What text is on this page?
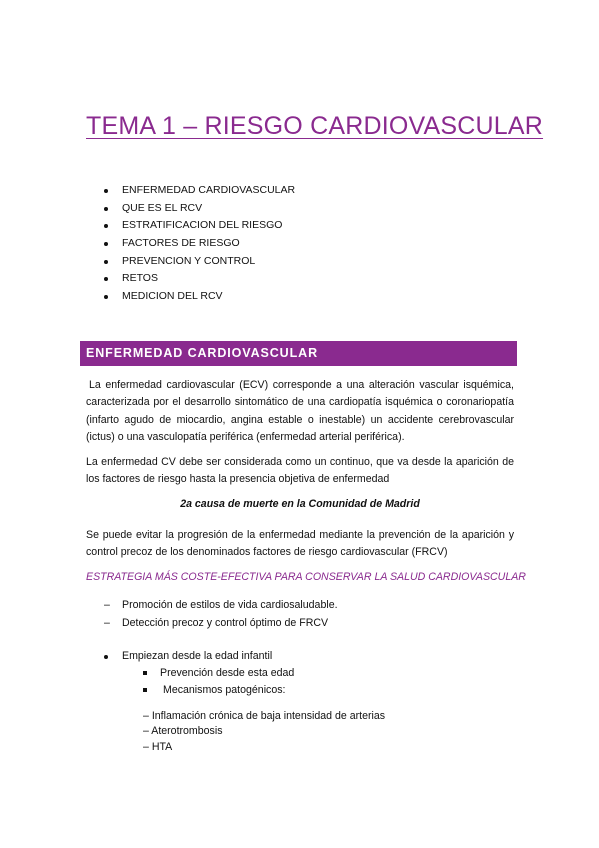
TEMA 1 – RIESGO CARDIOVASCULAR
ENFERMEDAD CARDIOVASCULAR
QUE ES EL RCV
ESTRATIFICACION DEL RIESGO
FACTORES DE RIESGO
PREVENCION Y CONTROL
RETOS
MEDICION DEL RCV
ENFERMEDAD CARDIOVASCULAR

La enfermedad cardiovascular (ECV) corresponde a una alteración vascular isquémica, caracterizada por el desarrollo sintomático de una cardiopatía isquémica o coronariopatía (infarto agudo de miocardio, angina estable o inestable) un accidente cerebrovascular (ictus) o una vasculopatía periférica (enfermedad arterial periférica).

La enfermedad CV debe ser considerada como un continuo, que va desde la aparición de los factores de riesgo hasta la presencia objetiva de enfermedad

2a causa de muerte en la Comunidad de Madrid

Se puede evitar la progresión de la enfermedad mediante la prevención de la aparición y control precoz de los denominados factores de riesgo cardiovascular (FRCV)

ESTRATEGIA MÁS COSTE-EFECTIVA PARA CONSERVAR LA SALUD CARDIOVASCULAR
– Promoción de estilos de vida cardiosaludable.
– Detección precoz y control óptimo de FRCV
Empiezan desde la edad infantil
Prevención desde esta edad
Mecanismos patogénicos:
– Inflamación crónica de baja intensidad de arterias
– Aterotrombosis
– HTA
